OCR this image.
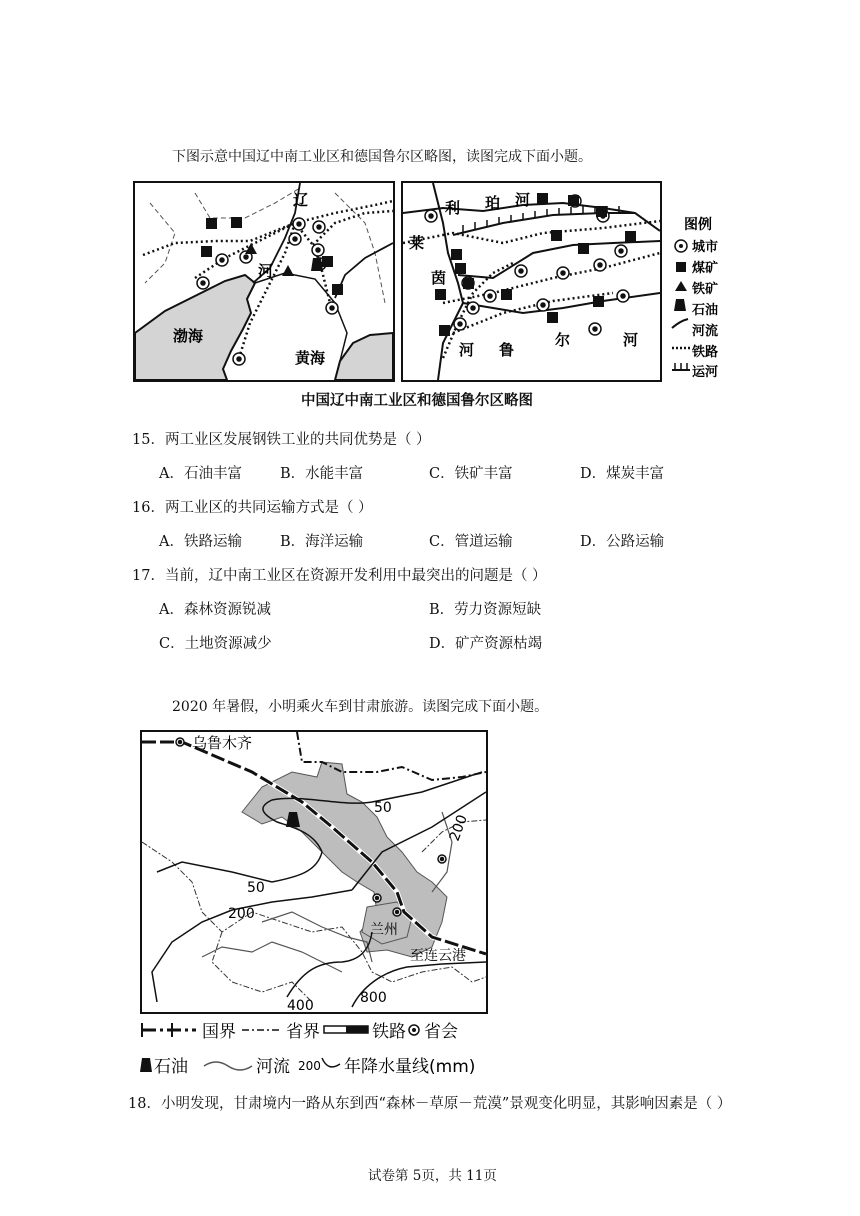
下图示意中国辽中南工业区和德国鲁尔区略图，读图完成下面小题。
辽
河
渤海
黄海
利 珀 河
莱
茵
河 鲁
尔	河
图例
城市
煤矿
铁矿
石油
河流
铁路
运河
中国辽中南工业区和德国鲁尔区略图
15．两工业区发展钢铁工业的共同优势是（ ）
A．石油丰富	B．水能丰富	C．铁矿丰富	D．煤炭丰富
16．两工业区的共同运输方式是（ ）
A．铁路运输	B．海洋运输	C．管道运输	D．公路运输
17．当前，辽中南工业区在资源开发利用中最突出的问题是（ ）
A．森林资源锐减	B．劳力资源短缺
C．土地资源减少	D．矿产资源枯竭
2020 年暑假，小明乘火车到甘肃旅游。读图完成下面小题。
乌鲁木齐
兰州
至连云港
50
50
200
200
400	800
国界	省界	铁路 省会
石油	河流 200 年降水量线(mm)
18．小明发现，甘肃境内一路从东到西“森林－草原－荒漠”景观变化明显，其影响因素是（ ）
试卷第 5页，共 11页
